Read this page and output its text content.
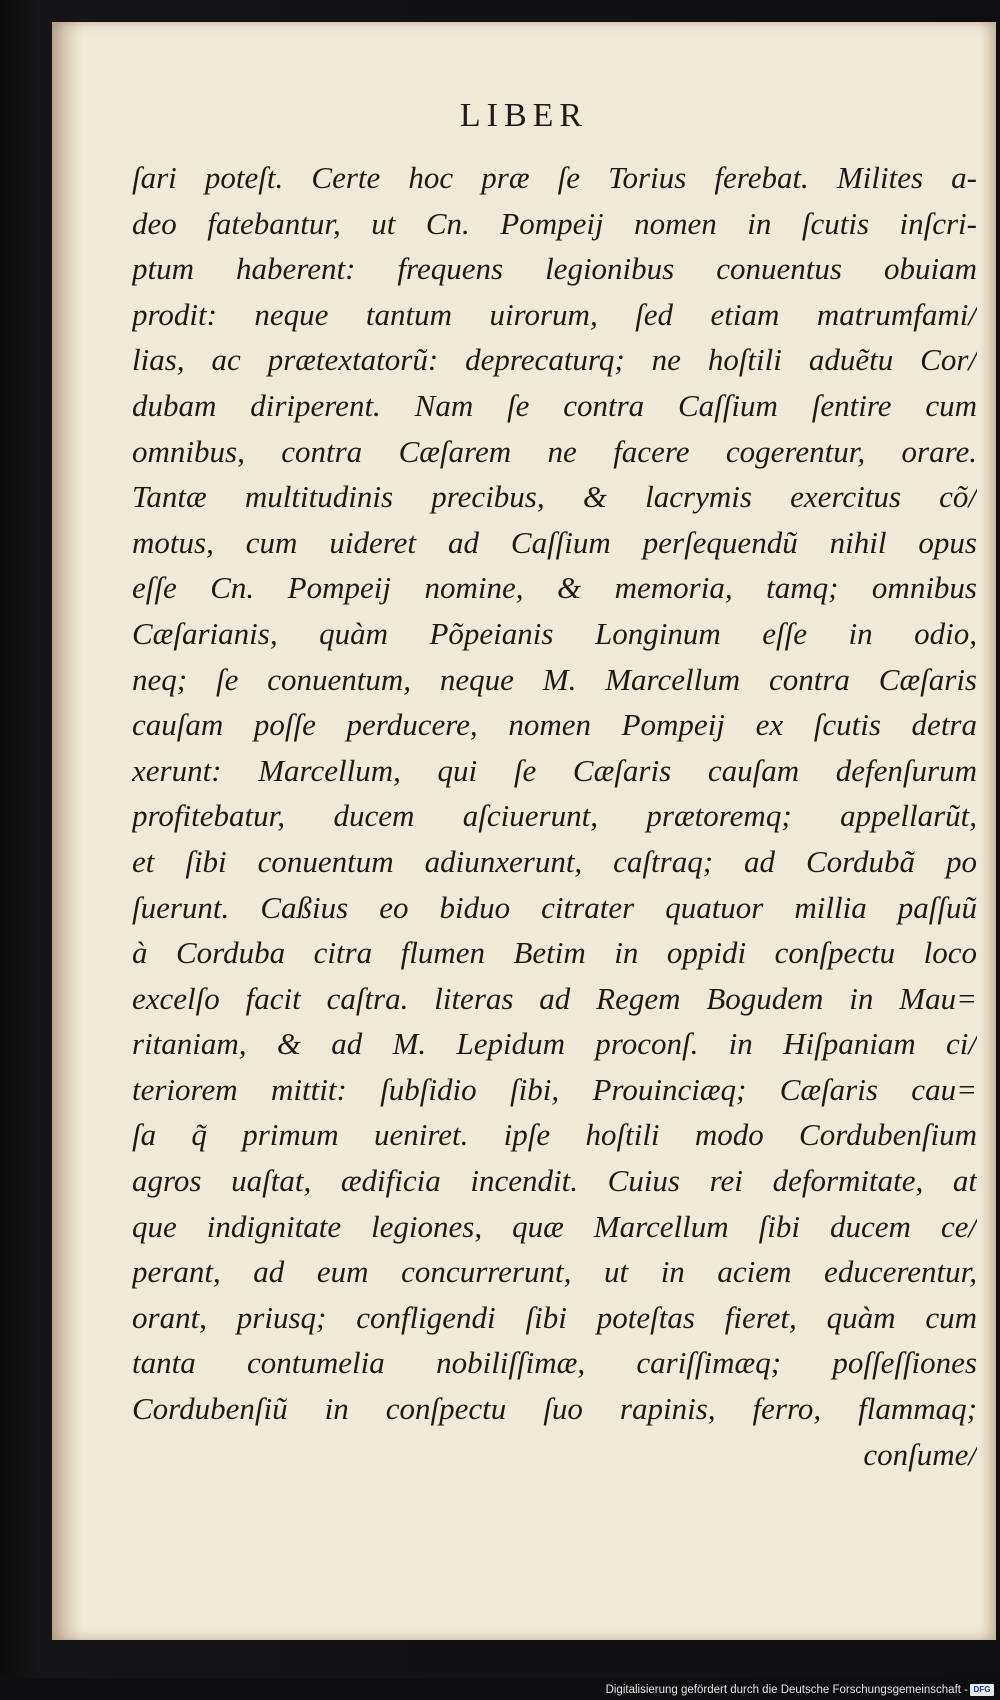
LIBER
ſari poteſt. Certe hoc præ ſe Torius ferebat. Milites a-
deo fatebantur, ut Cn. Pompeij nomen in ſcutis inſcri-
ptum haberent: frequens legionibus conuentus obuiam
prodit: neque tantum uirorum, ſed etiam matrumfami/
lias, ac prætextatorũ: deprecaturq; ne hoſtili aduẽtu Cor/
dubam diriperent. Nam ſe contra Caſſium ſentire cum
omnibus, contra Cæſarem ne facere cogerentur, orare.
Tantæ multitudinis precibus, & lacrymis exercitus cõ/
motus, cum uideret ad Caſſium perſequendũ nihil opus
eſſe Cn. Pompeij nomine, & memoria, tamq; omnibus
Cæſarianis, quàm Põpeianis Longinum eſſe in odio,
neq; ſe conuentum, neque M. Marcellum contra Cæſaris
cauſam poſſe perducere, nomen Pompeij ex ſcutis detra
xerunt: Marcellum, qui ſe Cæſaris cauſam defenſurum
profitebatur, ducem aſciuerunt, prætoremq; appellarũt,
et ſibi conuentum adiunxerunt, caſtraq; ad Cordubã po
ſuerunt. Caßius eo biduo citrater quatuor millia paſſuũ
à Corduba citra flumen Betim in oppidi conſpectu loco
excelſo facit caſtra. literas ad Regem Bogudem in Mau=
ritaniam, & ad M. Lepidum proconſ. in Hiſpaniam ci/
teriorem mittit: ſubſidio ſibi, Prouinciæq; Cæſaris cau=
ſa q̃ primum ueniret. ipſe hoſtili modo Cordubenſium
agros uaſtat, ædificia incendit. Cuius rei deformitate, at
que indignitate legiones, quæ Marcellum ſibi ducem ce/
perant, ad eum concurrerunt, ut in aciem educerentur,
orant, priusq; confligendi ſibi poteſtas fieret, quàm cum
tanta contumelia nobiliſſimæ, cariſſimæq; poſſeſſiones
Cordubenſiũ in conſpectu ſuo rapinis, ferro, flammaq;
conſume/
Digitalisierung gefördert durch die Deutsche Forschungsgemeinschaft - DFG
